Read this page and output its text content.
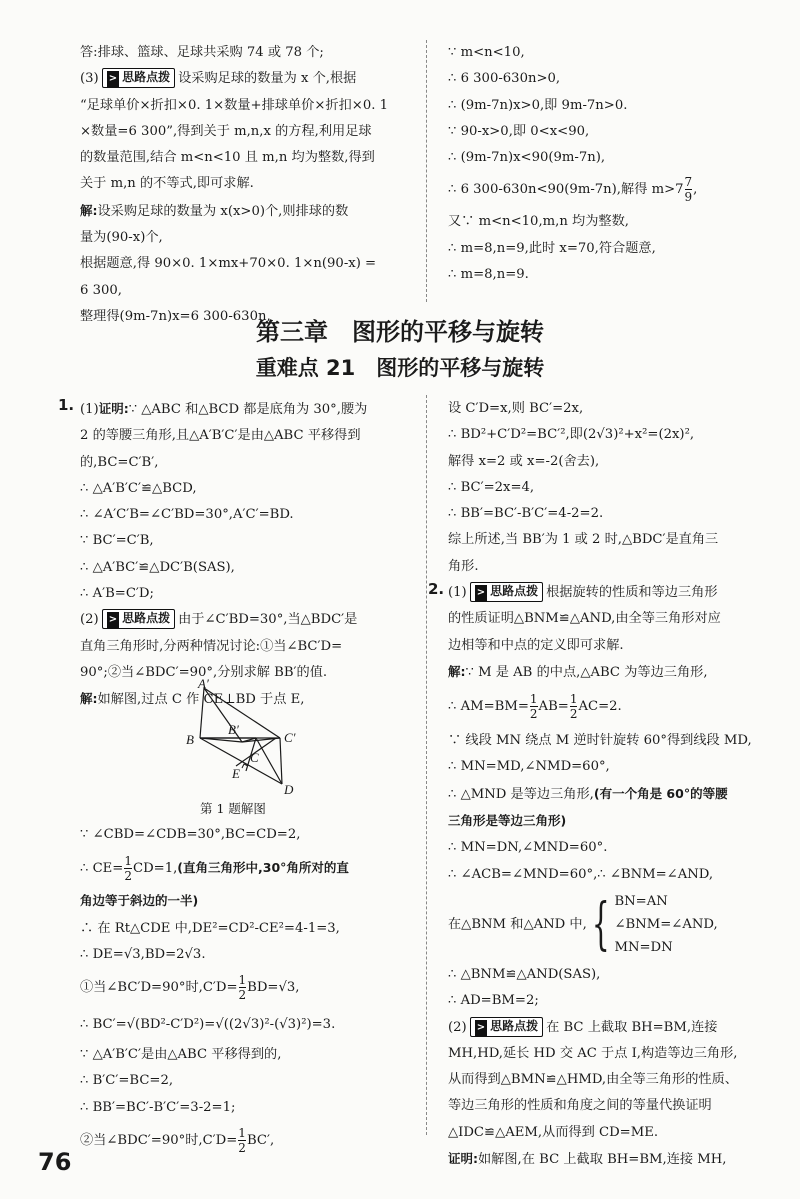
答:排球、篮球、足球共采购 74 或 78 个;
(3) > 思路点拨 设采购足球的数量为 x 个,根据
“足球单价×折扣×0. 1×数量+排球单价×折扣×0. 1
×数量=6 300”,得到关于 m,n,x 的方程,利用足球
的数量范围,结合 m<n<10 且 m,n 均为整数,得到
关于 m,n 的不等式,即可求解.
解:设采购足球的数量为 x(x>0)个,则排球的数
量为(90-x)个,
根据题意,得 90×0. 1×mx+70×0. 1×n(90-x) =
6 300,
整理得(9m-7n)x=6 300-630n,
∵ m<n<10,
∴ 6 300-630n>0,
∴ (9m-7n)x>0,即 9m-7n>0.
∵ 90-x>0,即 0<x<90,
∴ (9m-7n)x<90(9m-7n),
∴ 6 300-630n<90(9m-7n),解得 $m>7 \frac{7}{9}$ ,
又∵ m<n<10,m,n 均为整数,
∴ m=8,n=9,此时 x=70,符合题意,
∴ m=8,n=9.
第三章　图形的平移与旋转
重难点 21　图形的平移与旋转
1. (1)证明:∵ △ABC 和△BCD 都是底角为 30°,腰为
2 的等腰三角形,且△A′B′C′是由△ABC 平移得到
的,BC=C′B′,
∴ △A′B′C′≌△BCD,
∴ ∠A′C′B=∠C′BD=30°,A′C′=BD.
∵ BC′=C′B,
∴ △A′BC′≌△DC′B(SAS),
∴ A′B=C′D;
(2) > 思路点拨 由于∠C′BD=30°,当△BDC′是
直角三角形时,分两种情况讨论:①当∠BC′D=
90°;②当∠BDC′=90°,分别求解 BB′的值.
解:如解图,过点 C 作 CE⊥BD 于点 E,
A′
B
B′
C′
C
E
D
第 1 题解图
∵ ∠CBD=∠CDB=30°,BC=CD=2,
∴ $CE= \frac{1}{2} CD=1$,(直角三角形中,30°角所对的直
角边等于斜边的一半)
∴ 在 Rt△CDE 中,DE²=CD²-CE²=4-1=3,
∴ DE=√3,BD=2√3.
①当∠BC′D=90°时$,C'D= \frac{1}{2} BD=√3$,
∴ BC′=√(BD²-C′D²)=√((2√3)²-(√3)²)=3.
∵ △A′B′C′是由△ABC 平移得到的,
∴ B′C′=BC=2,
∴ BB′=BC′-B′C′=3-2=1;
②当∠BDC′=90°时$,C'D= \frac{1}{2} BC'$,
设 C′D=x,则 BC′=2x,
∴ BD²+C′D²=BC′²,即(2√3)²+x²=(2x)²,
解得 x=2 或 x=-2(舍去),
∴ BC′=2x=4,
∴ BB′=BC′-B′C′=4-2=2.
综上所述,当 BB′为 1 或 2 时,△BDC′是直角三
角形.
2. (1) > 思路点拨 根据旋转的性质和等边三角形
的性质证明△BNM≌△AND,由全等三角形对应
边相等和中点的定义即可求解.
解:∵ M 是 AB 的中点,△ABC 为等边三角形,
∴ $AM=BM= \frac{1}{2} AB= \frac{1}{2} AC=2$.
∵ 线段 MN 绕点 M 逆时针旋转 60°得到线段 MD,
∴ MN=MD,∠NMD=60°,
∴ △MND 是等边三角形,(有一个角是 60°的等腰
三角形是等边三角形)
∴ MN=DN,∠MND=60°.
∴ ∠ACB=∠MND=60°,∴ ∠BNM=∠AND,
在△BNM 和△AND 中, { BN=AN
∠BNM=∠AND,
MN=DN
∴ △BNM≌△AND(SAS),
∴ AD=BM=2;
(2) > 思路点拨 在 BC 上截取 BH=BM,连接
MH,HD,延长 HD 交 AC 于点 I,构造等边三角形,
从而得到△BMN≌△HMD,由全等三角形的性质、
等边三角形的性质和角度之间的等量代换证明
△IDC≌△AEM,从而得到 CD=ME.
证明:如解图,在 BC 上截取 BH=BM,连接 MH,
76
